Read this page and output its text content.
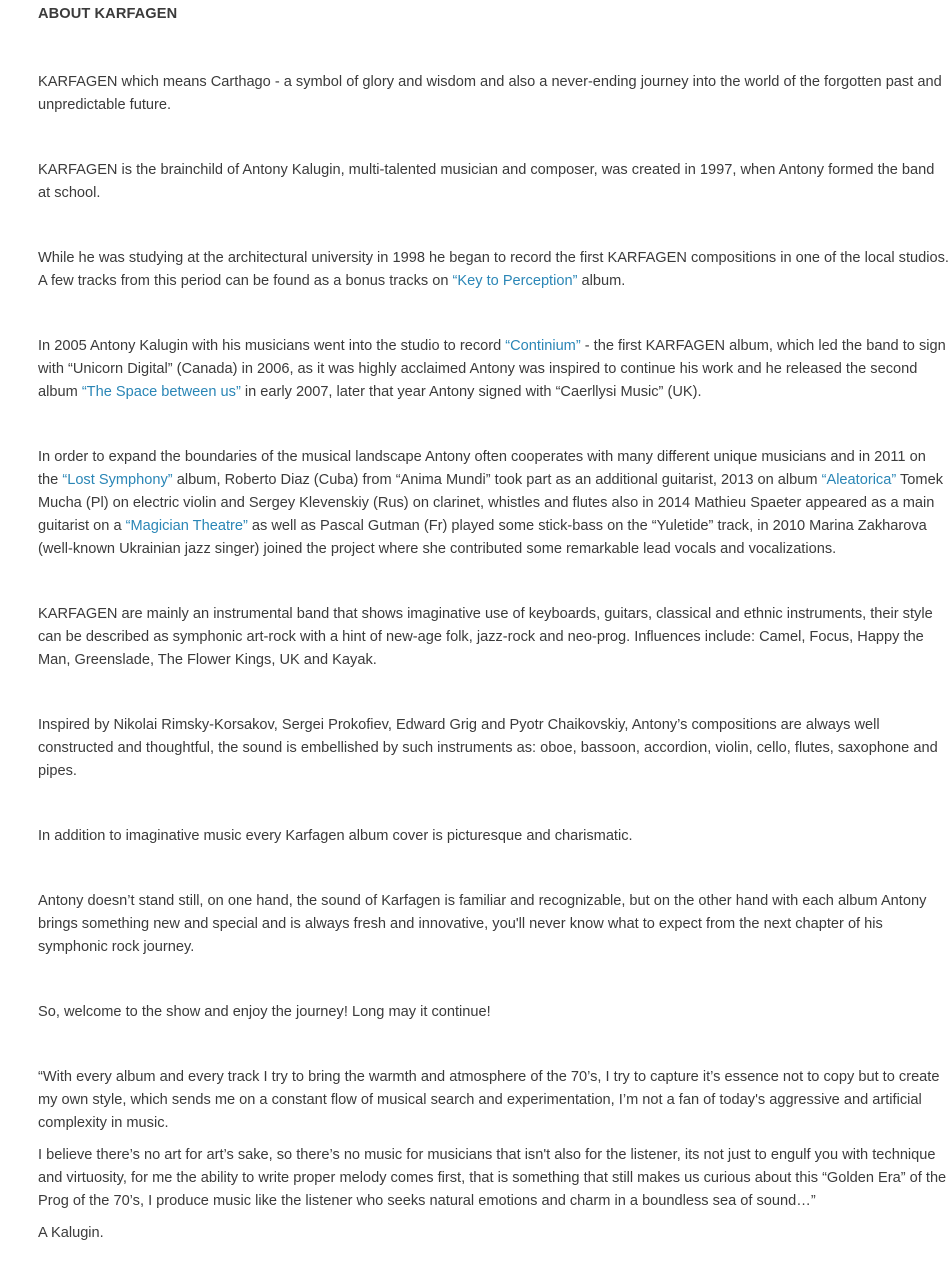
ABOUT KARFAGEN

KARFAGEN which means Carthago - a symbol of glory and wisdom and also a never-ending journey into the world of the forgotten past and unpredictable future.

KARFAGEN is the brainchild of Antony Kalugin, multi-talented musician and composer, was created in 1997, when Antony formed the band at school.

While he was studying at the architectural university in 1998 he began to record the first KARFAGEN compositions in one of the local studios. A few tracks from this period can be found as a bonus tracks on “Key to Perception” album.

In 2005 Antony Kalugin with his musicians went into the studio to record “Continium” - the first KARFAGEN album, which led the band to sign with “Unicorn Digital” (Canada) in 2006, as it was highly acclaimed Antony was inspired to continue his work and he released the second album “The Space between us” in early 2007, later that year Antony signed with “Caerllysi Music” (UK).

In order to expand the boundaries of the musical landscape Antony often cooperates with many different unique musicians and in 2011 on the “Lost Symphony” album, Roberto Diaz (Cuba) from “Anima Mundi” took part as an additional guitarist, 2013 on album “Aleatorica” Tomek Mucha (Pl) on electric violin and Sergey Klevenskiy (Rus) on clarinet, whistles and flutes also in 2014 Mathieu Spaeter appeared as a main guitarist on a “Magician Theatre” as well as Pascal Gutman (Fr) played some stick-bass on the “Yuletide” track, in 2010 Marina Zakharova (well-known Ukrainian jazz singer) joined the project where she contributed some remarkable lead vocals and vocalizations.

KARFAGEN are mainly an instrumental band that shows imaginative use of keyboards, guitars, classical and ethnic instruments, their style can be described as symphonic art-rock with a hint of new-age folk, jazz-rock and neo-prog. Influences include: Camel, Focus, Happy the Man, Greenslade, The Flower Kings, UK and Kayak.

Inspired by Nikolai Rimsky-Korsakov, Sergei Prokofiev, Edward Grig and Pyotr Chaikovskiy, Antony’s compositions are always well constructed and thoughtful, the sound is embellished by such instruments as: oboe, bassoon, accordion, violin, cello, flutes, saxophone and pipes.

In addition to imaginative music every Karfagen album cover is picturesque and charismatic.

Antony doesn’t stand still, on one hand, the sound of Karfagen is familiar and recognizable, but on the other hand with each album Antony brings something new and special and is always fresh and innovative, you'll never know what to expect from the next chapter of his symphonic rock journey.

So, welcome to the show and enjoy the journey! Long may it continue!

“With every album and every track I try to bring the warmth and atmosphere of the 70’s, I try to capture it’s essence not to copy but to create my own style, which sends me on a constant flow of musical search and experimentation, I’m not a fan of today's aggressive and artificial complexity in music.

I believe there’s no art for art’s sake, so there’s no music for musicians that isn't also for the listener, its not just to engulf you with technique and virtuosity, for me the ability to write proper melody comes first, that is something that still makes us curious about this “Golden Era” of the Prog of the 70’s, I produce music like the listener who seeks natural emotions and charm in a boundless sea of sound…”

A Kalugin.
